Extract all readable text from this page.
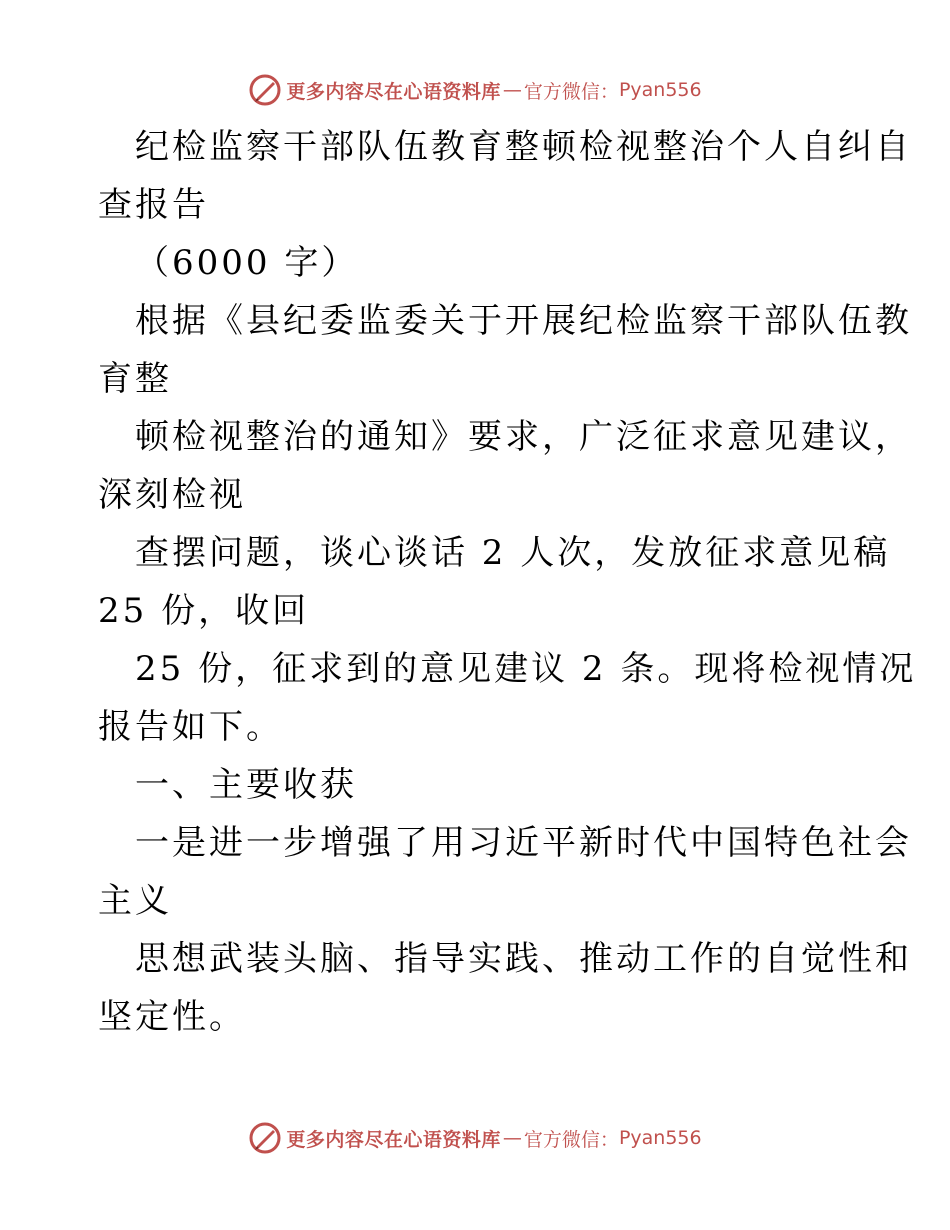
更多内容尽在心语资料库 — 官方微信： Pyan556
纪检监察干部队伍教育整顿检视整治个人自纠自
查报告
（6000 字）
根据《县纪委监委关于开展纪检监察干部队伍教
育整
顿检视整治的通知》要求，广泛征求意见建议，
深刻检视
查摆问题，谈心谈话 2 人次，发放征求意见稿
25 份，收回
25 份，征求到的意见建议 2 条。现将检视情况
报告如下。
一、主要收获
一是进一步增强了用习近平新时代中国特色社会
主义
思想武装头脑、指导实践、推动工作的自觉性和
坚定性。
更多内容尽在心语资料库 — 官方微信： Pyan556
